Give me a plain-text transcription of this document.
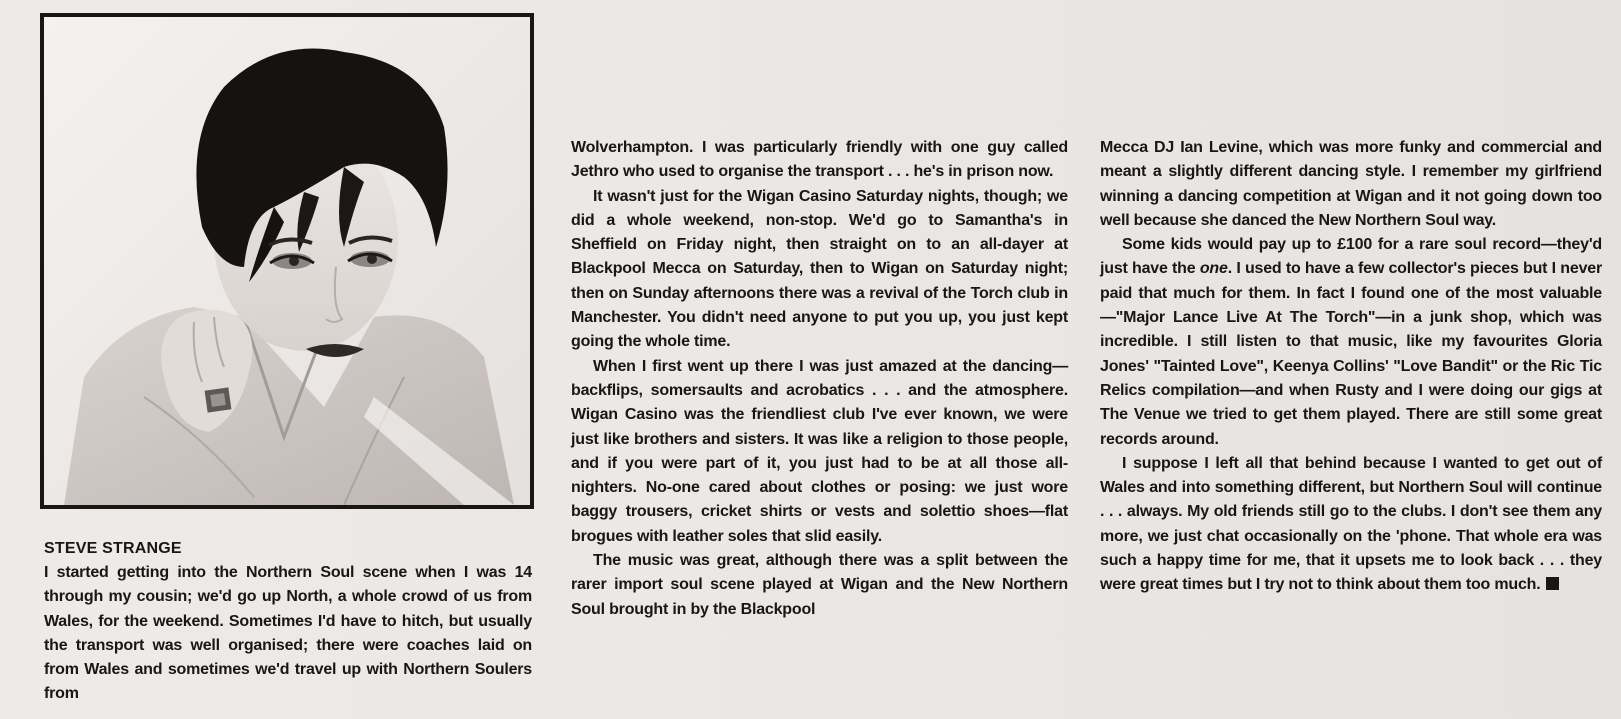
STEVE STRANGE

I started getting into the Northern Soul scene when I was 14 through my cousin; we'd go up North, a whole crowd of us from Wales, for the weekend. Sometimes I'd have to hitch, but usually the transport was well organised; there were coaches laid on from Wales and sometimes we'd travel up with Northern Soulers from

Wolverhampton. I was particularly friendly with one guy called Jethro who used to organise the transport . . . he's in prison now.

It wasn't just for the Wigan Casino Saturday nights, though; we did a whole weekend, non-stop. We'd go to Samantha's in Sheffield on Friday night, then straight on to an all-dayer at Blackpool Mecca on Saturday, then to Wigan on Saturday night; then on Sunday afternoons there was a revival of the Torch club in Manchester. You didn't need anyone to put you up, you just kept going the whole time.

When I first went up there I was just amazed at the dancing—backflips, somersaults and acrobatics . . . and the atmosphere. Wigan Casino was the friendliest club I've ever known, we were just like brothers and sisters. It was like a religion to those people, and if you were part of it, you just had to be at all those all-nighters. No-one cared about clothes or posing: we just wore baggy trousers, cricket shirts or vests and solettio shoes—flat brogues with leather soles that slid easily.

The music was great, although there was a split between the rarer import soul scene played at Wigan and the New Northern Soul brought in by the Blackpool

Mecca DJ Ian Levine, which was more funky and commercial and meant a slightly different dancing style. I remember my girlfriend winning a dancing competition at Wigan and it not going down too well because she danced the New Northern Soul way.

Some kids would pay up to £100 for a rare soul record—they'd just have the one. I used to have a few collector's pieces but I never paid that much for them. In fact I found one of the most valuable—"Major Lance Live At The Torch"—in a junk shop, which was incredible. I still listen to that music, like my favourites Gloria Jones' "Tainted Love", Keenya Collins' "Love Bandit" or the Ric Tic Relics compilation—and when Rusty and I were doing our gigs at The Venue we tried to get them played. There are still some great records around.

I suppose I left all that behind because I wanted to get out of Wales and into something different, but Northern Soul will continue . . . always. My old friends still go to the clubs. I don't see them any more, we just chat occasionally on the 'phone. That whole era was such a happy time for me, that it upsets me to look back . . . they were great times but I try not to think about them too much.
